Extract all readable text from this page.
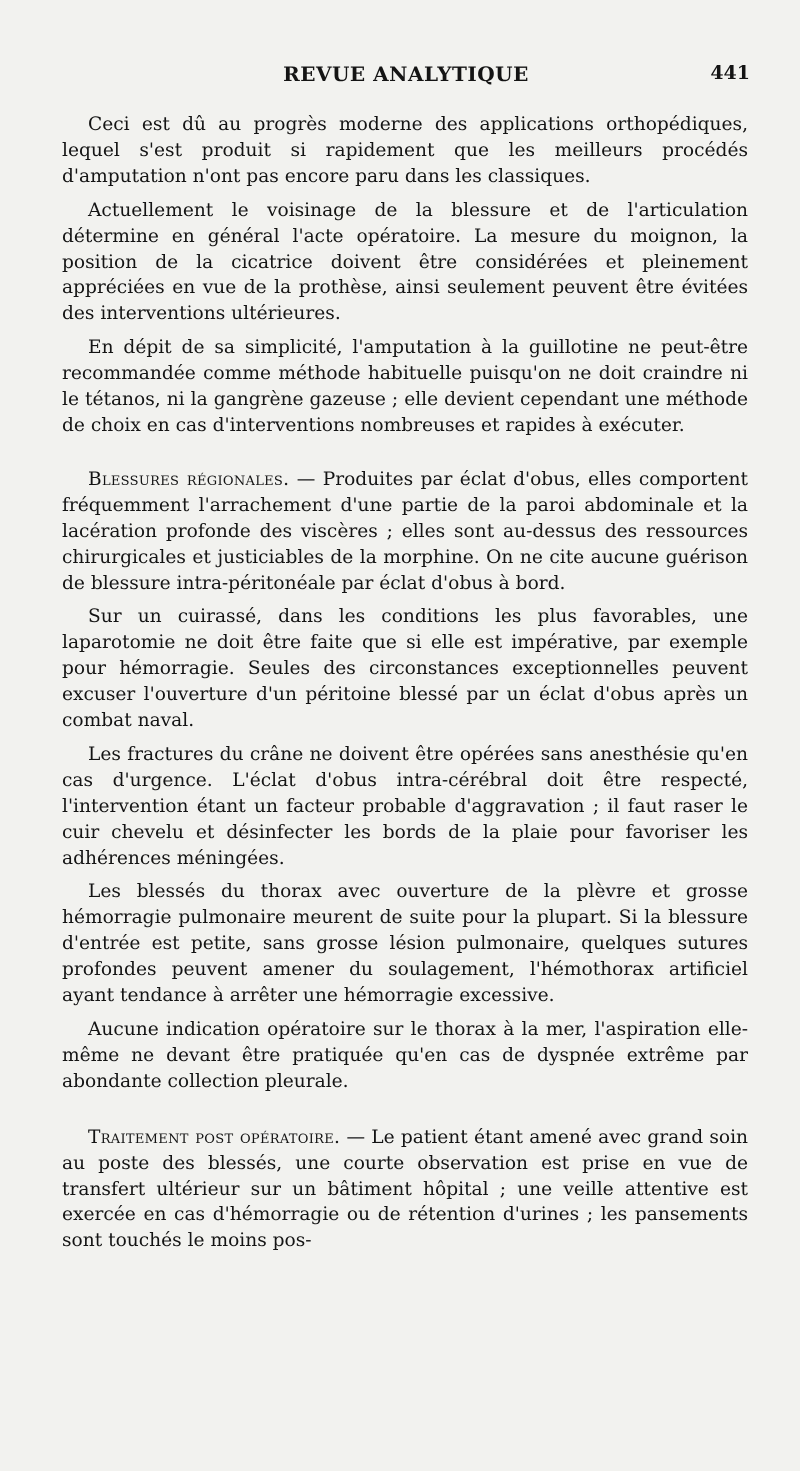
REVUE ANALYTIQUE	441

Ceci est dû au progrès moderne des applications orthopédiques, lequel s'est produit si rapidement que les meilleurs procédés d'amputation n'ont pas encore paru dans les classiques.

Actuellement le voisinage de la blessure et de l'articulation détermine en général l'acte opératoire. La mesure du moignon, la position de la cicatrice doivent être considérées et pleinement appréciées en vue de la prothèse, ainsi seulement peuvent être évitées des interventions ultérieures.

En dépit de sa simplicité, l'amputation à la guillotine ne peut-être recommandée comme méthode habituelle puisqu'on ne doit craindre ni le tétanos, ni la gangrène gazeuse ; elle devient cependant une méthode de choix en cas d'interventions nombreuses et rapides à exécuter.

Blessures régionales. — Produites par éclat d'obus, elles comportent fréquemment l'arrachement d'une partie de la paroi abdominale et la lacération profonde des viscères ; elles sont au-dessus des ressources chirurgicales et justiciables de la morphine. On ne cite aucune guérison de blessure intra-péritonéale par éclat d'obus à bord.

Sur un cuirassé, dans les conditions les plus favorables, une laparotomie ne doit être faite que si elle est impérative, par exemple pour hémorragie. Seules des circonstances exceptionnelles peuvent excuser l'ouverture d'un péritoine blessé par un éclat d'obus après un combat naval.

Les fractures du crâne ne doivent être opérées sans anesthésie qu'en cas d'urgence. L'éclat d'obus intra-cérébral doit être respecté, l'intervention étant un facteur probable d'aggravation ; il faut raser le cuir chevelu et désinfecter les bords de la plaie pour favoriser les adhérences méningées.

Les blessés du thorax avec ouverture de la plèvre et grosse hémorragie pulmonaire meurent de suite pour la plupart. Si la blessure d'entrée est petite, sans grosse lésion pulmonaire, quelques sutures profondes peuvent amener du soulagement, l'hémothorax artificiel ayant tendance à arrêter une hémorragie excessive.

Aucune indication opératoire sur le thorax à la mer, l'aspiration elle-même ne devant être pratiquée qu'en cas de dyspnée extrême par abondante collection pleurale.

Traitement post opératoire. — Le patient étant amené avec grand soin au poste des blessés, une courte observation est prise en vue de transfert ultérieur sur un bâtiment hôpital ; une veille attentive est exercée en cas d'hémorragie ou de rétention d'urines ; les pansements sont touchés le moins pos-
